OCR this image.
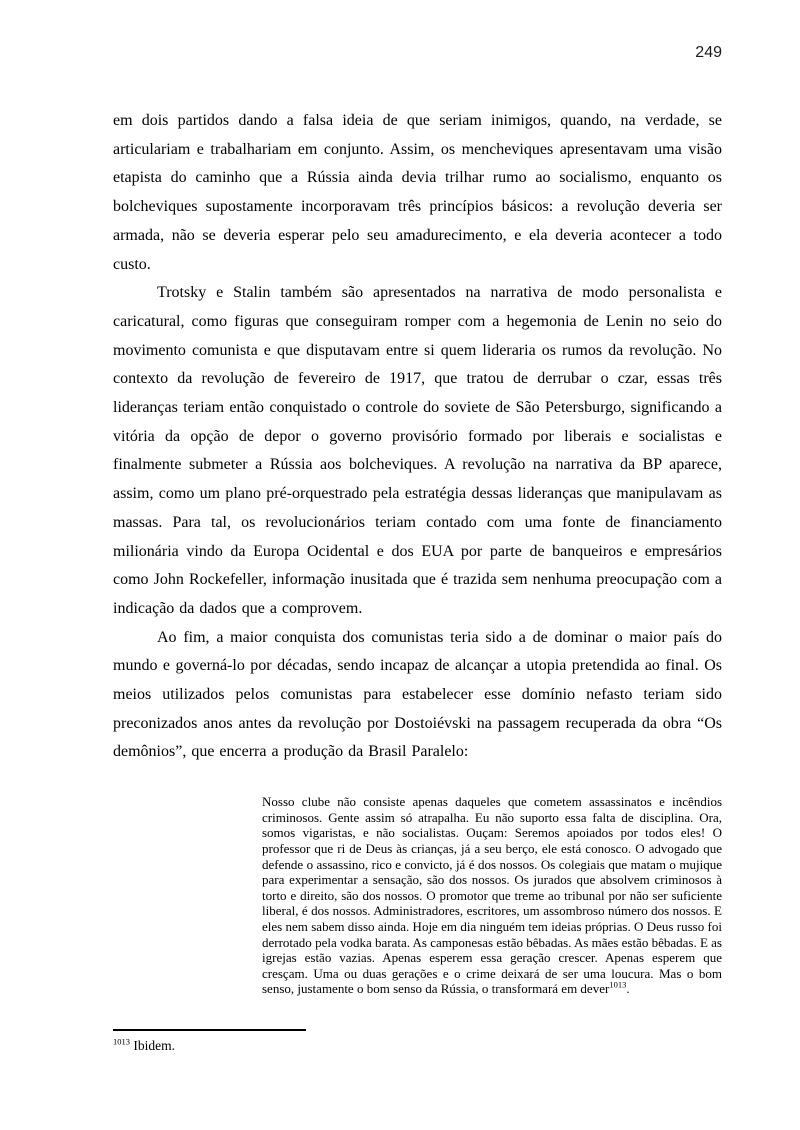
249

em dois partidos dando a falsa ideia de que seriam inimigos, quando, na verdade, se articulariam e trabalhariam em conjunto. Assim, os mencheviques apresentavam uma visão etapista do caminho que a Rússia ainda devia trilhar rumo ao socialismo, enquanto os bolcheviques supostamente incorporavam três princípios básicos: a revolução deveria ser armada, não se deveria esperar pelo seu amadurecimento, e ela deveria acontecer a todo custo.

Trotsky e Stalin também são apresentados na narrativa de modo personalista e caricatural, como figuras que conseguiram romper com a hegemonia de Lenin no seio do movimento comunista e que disputavam entre si quem lideraria os rumos da revolução. No contexto da revolução de fevereiro de 1917, que tratou de derrubar o czar, essas três lideranças teriam então conquistado o controle do soviete de São Petersburgo, significando a vitória da opção de depor o governo provisório formado por liberais e socialistas e finalmente submeter a Rússia aos bolcheviques. A revolução na narrativa da BP aparece, assim, como um plano pré-orquestrado pela estratégia dessas lideranças que manipulavam as massas. Para tal, os revolucionários teriam contado com uma fonte de financiamento milionária vindo da Europa Ocidental e dos EUA por parte de banqueiros e empresários como John Rockefeller, informação inusitada que é trazida sem nenhuma preocupação com a indicação da dados que a comprovem.

Ao fim, a maior conquista dos comunistas teria sido a de dominar o maior país do mundo e governá-lo por décadas, sendo incapaz de alcançar a utopia pretendida ao final. Os meios utilizados pelos comunistas para estabelecer esse domínio nefasto teriam sido preconizados anos antes da revolução por Dostoiévski na passagem recuperada da obra “Os demônios”, que encerra a produção da Brasil Paralelo:

Nosso clube não consiste apenas daqueles que cometem assassinatos e incêndios criminosos. Gente assim só atrapalha. Eu não suporto essa falta de disciplina. Ora, somos vigaristas, e não socialistas. Ouçam: Seremos apoiados por todos eles! O professor que ri de Deus às crianças, já a seu berço, ele está conosco. O advogado que defende o assassino, rico e convicto, já é dos nossos. Os colegiais que matam o mujique para experimentar a sensação, são dos nossos. Os jurados que absolvem criminosos à torto e direito, são dos nossos. O promotor que treme ao tribunal por não ser suficiente liberal, é dos nossos. Administradores, escritores, um assombroso número dos nossos. E eles nem sabem disso ainda. Hoje em dia ninguém tem ideias próprias. O Deus russo foi derrotado pela vodka barata. As camponesas estão bêbadas. As mães estão bêbadas. E as igrejas estão vazias. Apenas esperem essa geração crescer. Apenas esperem que cresçam. Uma ou duas gerações e o crime deixará de ser uma loucura. Mas o bom senso, justamente o bom senso da Rússia, o transformará em dever$^{1013}$.
$^{1013}$ Ibidem.
